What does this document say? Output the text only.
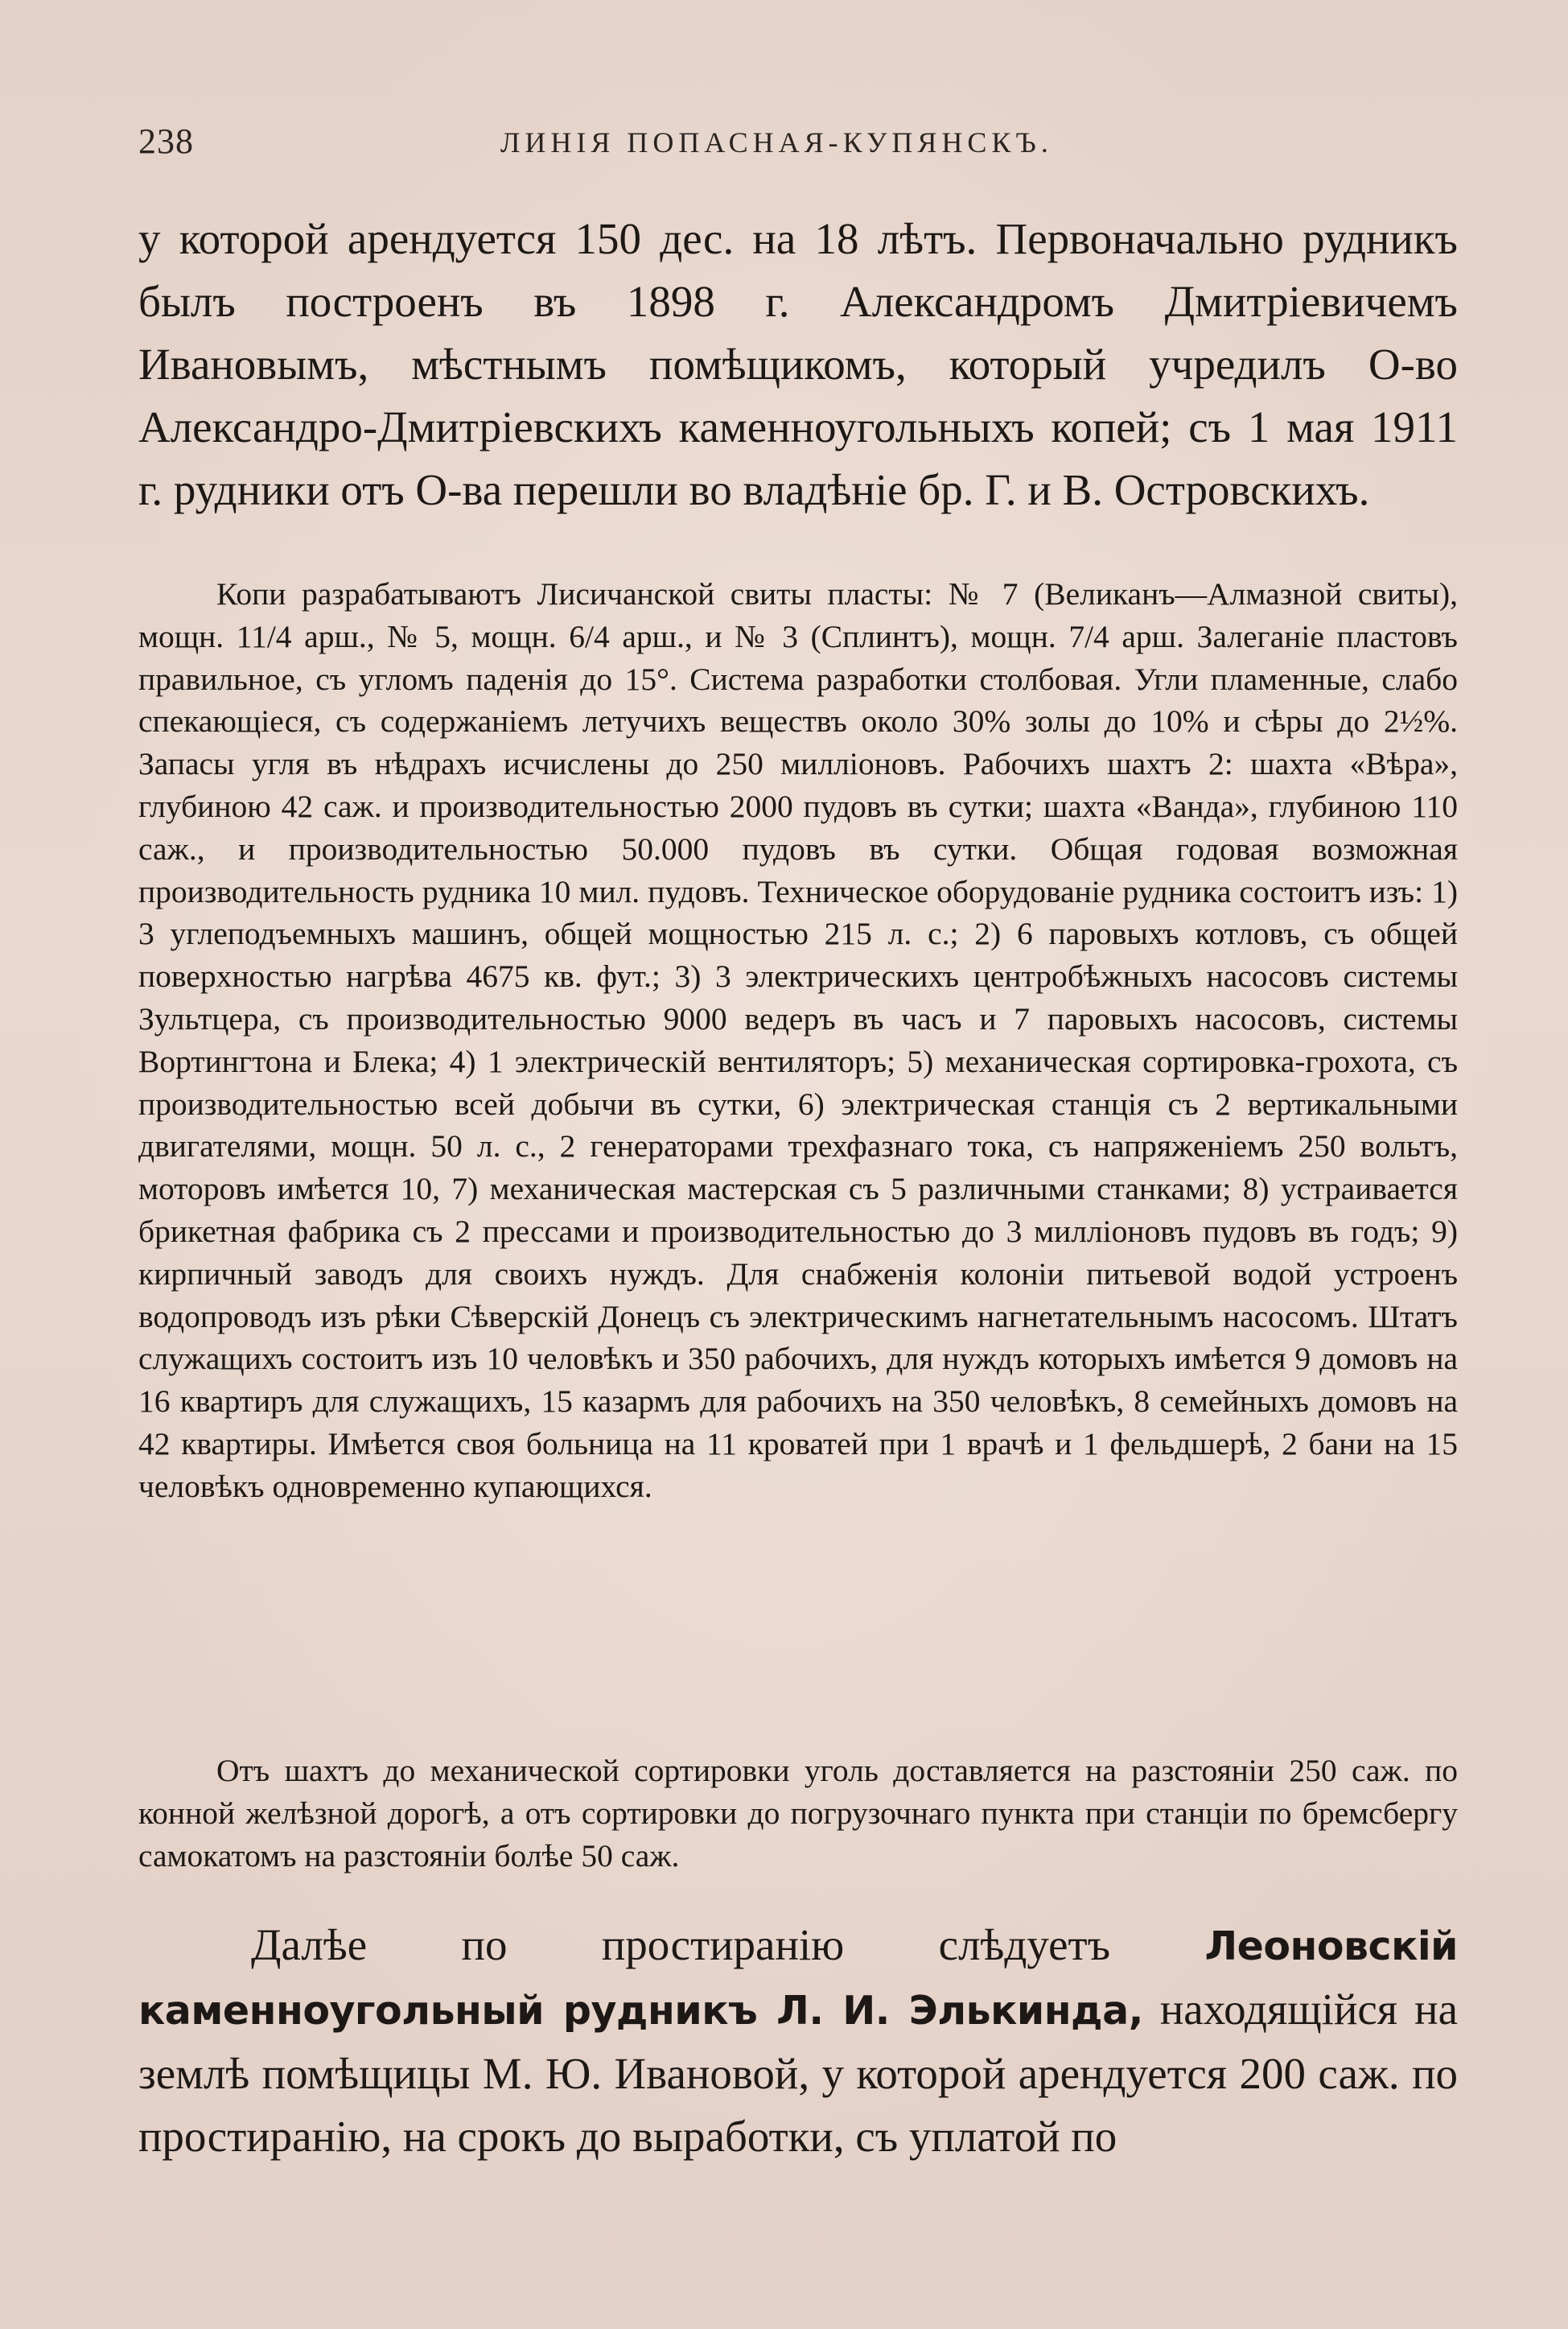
238	ЛИНІЯ ПОПАСНАЯ-КУПЯНСКЪ.
у которой арендуется 150 дес. на 18 лѣтъ. Первоначально рудникъ былъ построенъ въ 1898 г. Александромъ Дмитріевичемъ Ивановымъ, мѣстнымъ помѣщикомъ, который учредилъ О-во Александро-Дмитріевскихъ каменноугольныхъ копей; съ 1 мая 1911 г. рудники отъ О-ва перешли во владѣніе бр. Г. и В. Островскихъ.
Копи разрабатываютъ Лисичанской свиты пласты: № 7 (Великанъ—Алмазной свиты), мощн. 11/4 арш., № 5, мощн. 6/4 арш., и № 3 (Сплинтъ), мощн. 7/4 арш. Залеганіе пластовъ правильное, съ угломъ паденія до 15°. Система разработки столбовая. Угли пламенные, слабо спекающіеся, съ содержаніемъ летучихъ веществъ около 30% золы до 10% и сѣры до 2½%. Запасы угля въ нѣдрахъ исчислены до 250 милліоновъ. Рабочихъ шахтъ 2: шахта «Вѣра», глубиною 42 саж. и производительностью 2000 пудовъ въ сутки; шахта «Ванда», глубиною 110 саж., и производительностью 50.000 пудовъ въ сутки. Общая годовая возможная производительность рудника 10 мил. пудовъ. Техническое оборудованіе рудника состоитъ изъ: 1) 3 углеподъемныхъ машинъ, общей мощностью 215 л. с.; 2) 6 паровыхъ котловъ, съ общей поверхностью нагрѣва 4675 кв. фут.; 3) 3 электрическихъ центробѣжныхъ насосовъ системы Зультцера, съ производительностью 9000 ведеръ въ часъ и 7 паровыхъ насосовъ, системы Вортингтона и Блека; 4) 1 электрическій вентиляторъ; 5) механическая сортировка-грохота, съ производительностью всей добычи въ сутки, 6) электрическая станція съ 2 вертикальными двигателями, мощн. 50 л. с., 2 генераторами трехфазнаго тока, съ напряженіемъ 250 вольтъ, моторовъ имѣется 10, 7) механическая мастерская съ 5 различными станками; 8) устраивается брикетная фабрика съ 2 прессами и производительностью до 3 милліоновъ пудовъ въ годъ; 9) кирпичный заводъ для своихъ нуждъ. Для снабженія колоніи питьевой водой устроенъ водопроводъ изъ рѣки Сѣверскій Донецъ съ электрическимъ нагнетательнымъ насосомъ. Штатъ служащихъ состоитъ изъ 10 человѣкъ и 350 рабочихъ, для нуждъ которыхъ имѣется 9 домовъ на 16 квартиръ для служащихъ, 15 казармъ для рабочихъ на 350 человѣкъ, 8 семейныхъ домовъ на 42 квартиры. Имѣется своя больница на 11 кроватей при 1 врачѣ и 1 фельдшерѣ, 2 бани на 15 человѣкъ одновременно купающихся.
Отъ шахтъ до механической сортировки уголь доставляется на разстояніи 250 саж. по конной желѣзной дорогѣ, а отъ сортировки до погрузочнаго пункта при станціи по бремсбергу самокатомъ на разстояніи болѣе 50 саж.
Далѣе по простиранію слѣдуетъ Леоновскій каменноугольный рудникъ Л. И. Элькинда, находящійся на землѣ помѣщицы М. Ю. Ивановой, у которой арендуется 200 саж. по простиранію, на срокъ до выработки, съ уплатой по
